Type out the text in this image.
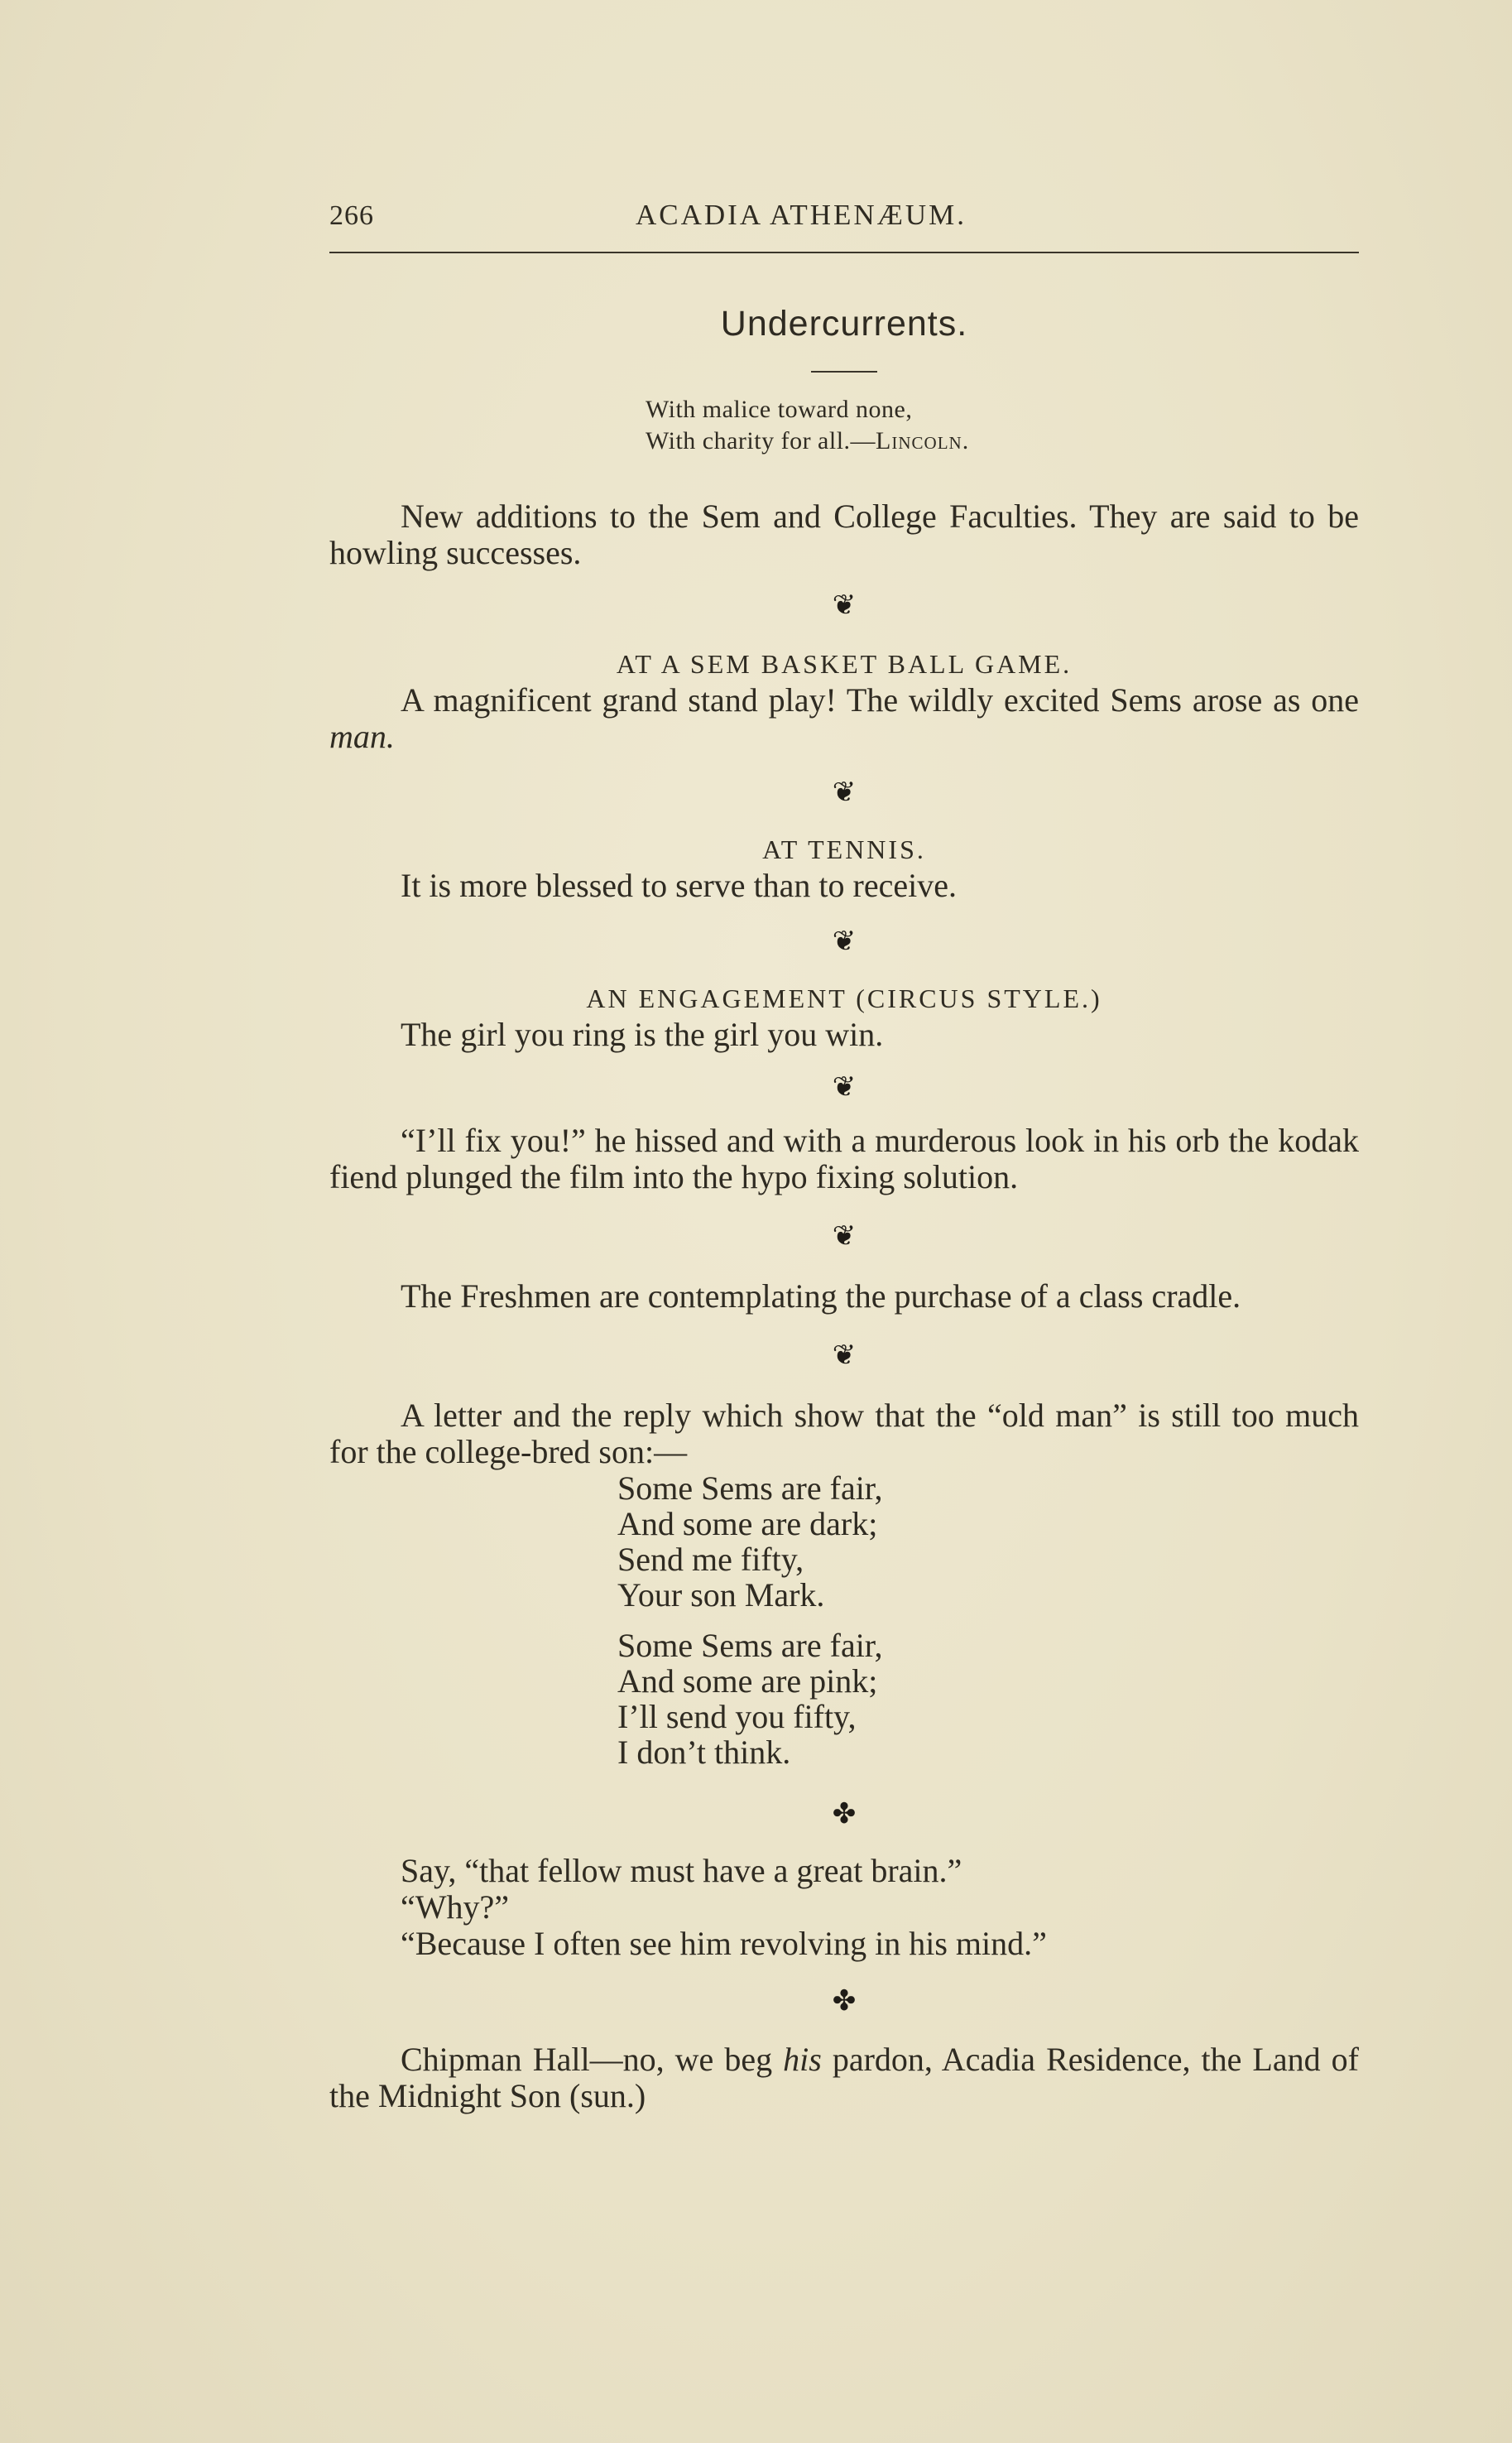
266	ACADIA ATHENÆUM.
Undercurrents.
With malice toward none,
With charity for all.—Lincoln.

New additions to the Sem and College Faculties. They are said to be howling successes.

❦

AT A SEM BASKET BALL GAME.

A magnificent grand stand play! The wildly excited Sems arose as one man.

❦

AT TENNIS.

It is more blessed to serve than to receive.

❦

AN ENGAGEMENT (CIRCUS STYLE.)

The girl you ring is the girl you win.

❦

“I’ll fix you!” he hissed and with a murderous look in his orb the kodak fiend plunged the film into the hypo fixing solution.

❦

The Freshmen are contemplating the purchase of a class cradle.

❦

A letter and the reply which show that the “old man” is still too much for the college-bred son:—

Some Sems are fair,
And some are dark;
Send me fifty,
Your son Mark.
Some Sems are fair,
And some are pink;
I’ll send you fifty,
I don’t think.

✤

Say, “that fellow must have a great brain.”

“Why?”

“Because I often see him revolving in his mind.”

✤

Chipman Hall—no, we beg his pardon, Acadia Residence, the Land of the Midnight Son (sun.)
